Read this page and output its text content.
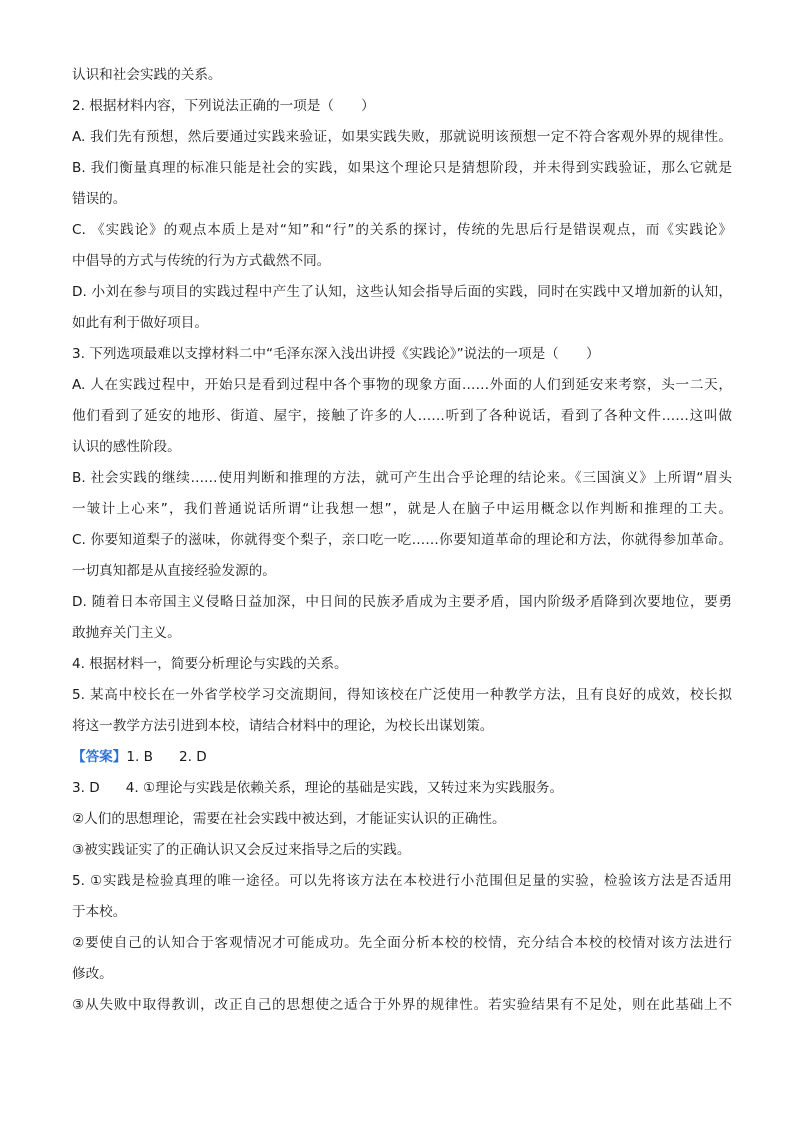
认识和社会实践的关系。
2. 根据材料内容，下列说法正确的一项是（　　）
A. 我们先有预想，然后要通过实践来验证，如果实践失败，那就说明该预想一定不符合客观外界的规律性。
B. 我们衡量真理的标准只能是社会的实践，如果这个理论只是猜想阶段，并未得到实践验证，那么它就是
错误的。
C. 《实践论》的观点本质上是对“知”和“行”的关系的探讨，传统的先思后行是错误观点，而《实践论》
中倡导的方式与传统的行为方式截然不同。
D. 小刘在参与项目的实践过程中产生了认知，这些认知会指导后面的实践，同时在实践中又增加新的认知，
如此有利于做好项目。
3. 下列选项最难以支撑材料二中“毛泽东深入浅出讲授《实践论》”说法的一项是（　　）
A. 人在实践过程中，开始只是看到过程中各个事物的现象方面……外面的人们到延安来考察，头一二天，
他们看到了延安的地形、街道、屋宇，接触了许多的人……听到了各种说话，看到了各种文件……这叫做
认识的感性阶段。
B. 社会实践的继续……使用判断和推理的方法，就可产生出合乎论理的结论来。《三国演义》上所谓“眉头
一皱计上心来”，我们普通说话所谓“让我想一想”，就是人在脑子中运用概念以作判断和推理的工夫。
C. 你要知道梨子的滋味，你就得变个梨子，亲口吃一吃……你要知道革命的理论和方法，你就得参加革命。
一切真知都是从直接经验发源的。
D. 随着日本帝国主义侵略日益加深，中日间的民族矛盾成为主要矛盾，国内阶级矛盾降到次要地位，要勇
敢抛弃关门主义。
4. 根据材料一，简要分析理论与实践的关系。
5. 某高中校长在一外省学校学习交流期间，得知该校在广泛使用一种教学方法，且有良好的成效，校长拟
将这一教学方法引进到本校，请结合材料中的理论，为校长出谋划策。
【答案】1. B 2. D
3. D 4. ①理论与实践是依赖关系，理论的基础是实践，又转过来为实践服务。
②人们的思想理论，需要在社会实践中被达到，才能证实认识的正确性。
③被实践证实了的正确认识又会反过来指导之后的实践。
5. ①实践是检验真理的唯一途径。可以先将该方法在本校进行小范围但足量的实验，检验该方法是否适用
于本校。
②要使自己的认知合于客观情况才可能成功。先全面分析本校的校情，充分结合本校的校情对该方法进行
修改。
③从失败中取得教训，改正自己的思想使之适合于外界的规律性。若实验结果有不足处，则在此基础上不
